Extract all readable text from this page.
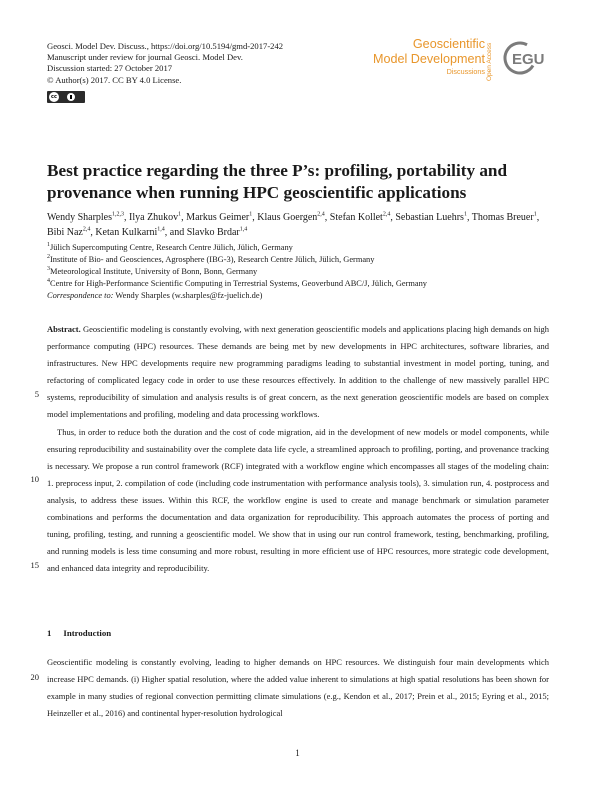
Geosci. Model Dev. Discuss., https://doi.org/10.5194/gmd-2017-242
Manuscript under review for journal Geosci. Model Dev.
Discussion started: 27 October 2017
© Author(s) 2017. CC BY 4.0 License.
cc
Geoscientific
Model Development
Discussions Open Access EGU
Best practice regarding the three P’s: profiling, portability and provenance when running HPC geoscientific applications
Wendy Sharples$^{1,2,3}$, Ilya Zhukov$^1$, Markus Geimer$^1$, Klaus Goergen$^{2,4}$, Stefan Kollet$^{2,4}$, Sebastian Luehrs$^1$, Thomas Breuer$^1$, Bibi Naz$^{2,4}$, Ketan Kulkarni$^{1,4}$, and Slavko Brdar$^{1,4}$
$^1$Jülich Supercomputing Centre, Research Centre Jülich, Jülich, Germany
$^2$Institute of Bio- and Geosciences, Agrosphere (IBG-3), Research Centre Jülich, Jülich, Germany
$^3$Meteorological Institute, University of Bonn, Bonn, Germany
$^4$Centre for High-Performance Scientific Computing in Terrestrial Systems, Geoverbund ABC/J, Jülich, Germany
Correspondence to: Wendy Sharples (w.sharples@fz-juelich.de)

Abstract. Geoscientific modeling is constantly evolving, with next generation geoscientific models and applications placing high demands on high performance computing (HPC) resources. These demands are being met by new developments in HPC architectures, software libraries, and infrastructures. New HPC developments require new programming paradigms leading to substantial investment in model porting, tuning, and refactoring of complicated legacy code in order to use these resources effectively. In addition to the challenge of new massively parallel HPC systems, reproducibility of simulation and analysis results is of great concern, as the next generation geoscientific models are based on complex model implementations and profiling, modeling and data processing workflows.

Thus, in order to reduce both the duration and the cost of code migration, aid in the development of new models or model components, while ensuring reproducibility and sustainability over the complete data life cycle, a streamlined approach to profiling, porting, and provenance tracking is necessary. We propose a run control framework (RCF) integrated with a workflow engine which encompasses all stages of the modeling chain: 1. preprocess input, 2. compilation of code (including code instrumentation with performance analysis tools), 3. simulation run, 4. postprocess and analysis, to address these issues. Within this RCF, the workflow engine is used to create and manage benchmark or simulation parameter combinations and performs the documentation and data organization for reproducibility. This approach automates the process of porting and tuning, profiling, testing, and running a geoscientific model. We show that in using our run control framework, testing, benchmarking, profiling, and running models is less time consuming and more robust, resulting in more efficient use of HPC resources, more strategic code development, and enhanced data integrity and reproducibility.

5
10
15
20
1 Introduction

Geoscientific modeling is constantly evolving, leading to higher demands on HPC resources. We distinguish four main developments which increase HPC demands. (i) Higher spatial resolution, where the added value inherent to simulations at high spatial resolutions has been shown for example in many studies of regional convection permitting climate simulations (e.g., Kendon et al., 2017; Prein et al., 2015; Eyring et al., 2015; Heinzeller et al., 2016) and continental hyper-resolution hydrological

1
